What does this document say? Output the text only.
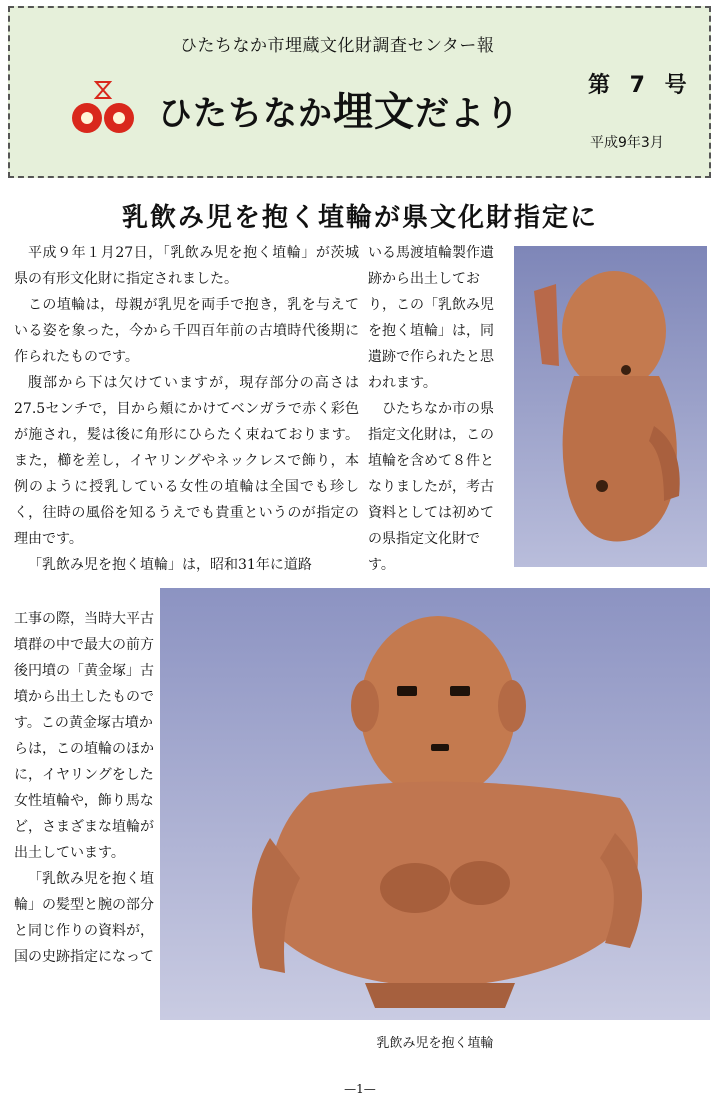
ひたちなか市埋蔵文化財調査センター報
ひたちなか埋文だより
第 7 号
平成9年3月
乳飲み児を抱く埴輪が県文化財指定に

平成９年１月27日，「乳飲み児を抱く埴輪」が茨城県の有形文化財に指定されました。

この埴輪は，母親が乳児を両手で抱き，乳を与えている姿を象った，今から千四百年前の古墳時代後期に作られたものです。

腹部から下は欠けていますが，現存部分の高さは27.5センチで，目から頬にかけてベンガラで赤く彩色が施され，髪は後に角形にひらたく束ねております。また，櫛を差し，イヤリングやネックレスで飾り，本例のように授乳している女性の埴輪は全国でも珍しく，往時の風俗を知るうえでも貴重というのが指定の理由です。

「乳飲み児を抱く埴輪」は，昭和31年に道路

いる馬渡埴輪製作遺跡から出土しており，この「乳飲み児を抱く埴輪」は，同遺跡で作られたと思われます。

ひたちなか市の県指定文化財は，この埴輪を含めて８件となりましたが，考古資料としては初めての県指定文化財です。

工事の際，当時大平古墳群の中で最大の前方後円墳の「黄金塚」古墳から出土したものです。この黄金塚古墳からは，この埴輪のほかに，イヤリングをした女性埴輪や，飾り馬など，さまざまな埴輪が出土しています。

「乳飲み児を抱く埴輪」の髪型と腕の部分と同じ作りの資料が，国の史跡指定になって

乳飲み児を抱く埴輪
—1—
